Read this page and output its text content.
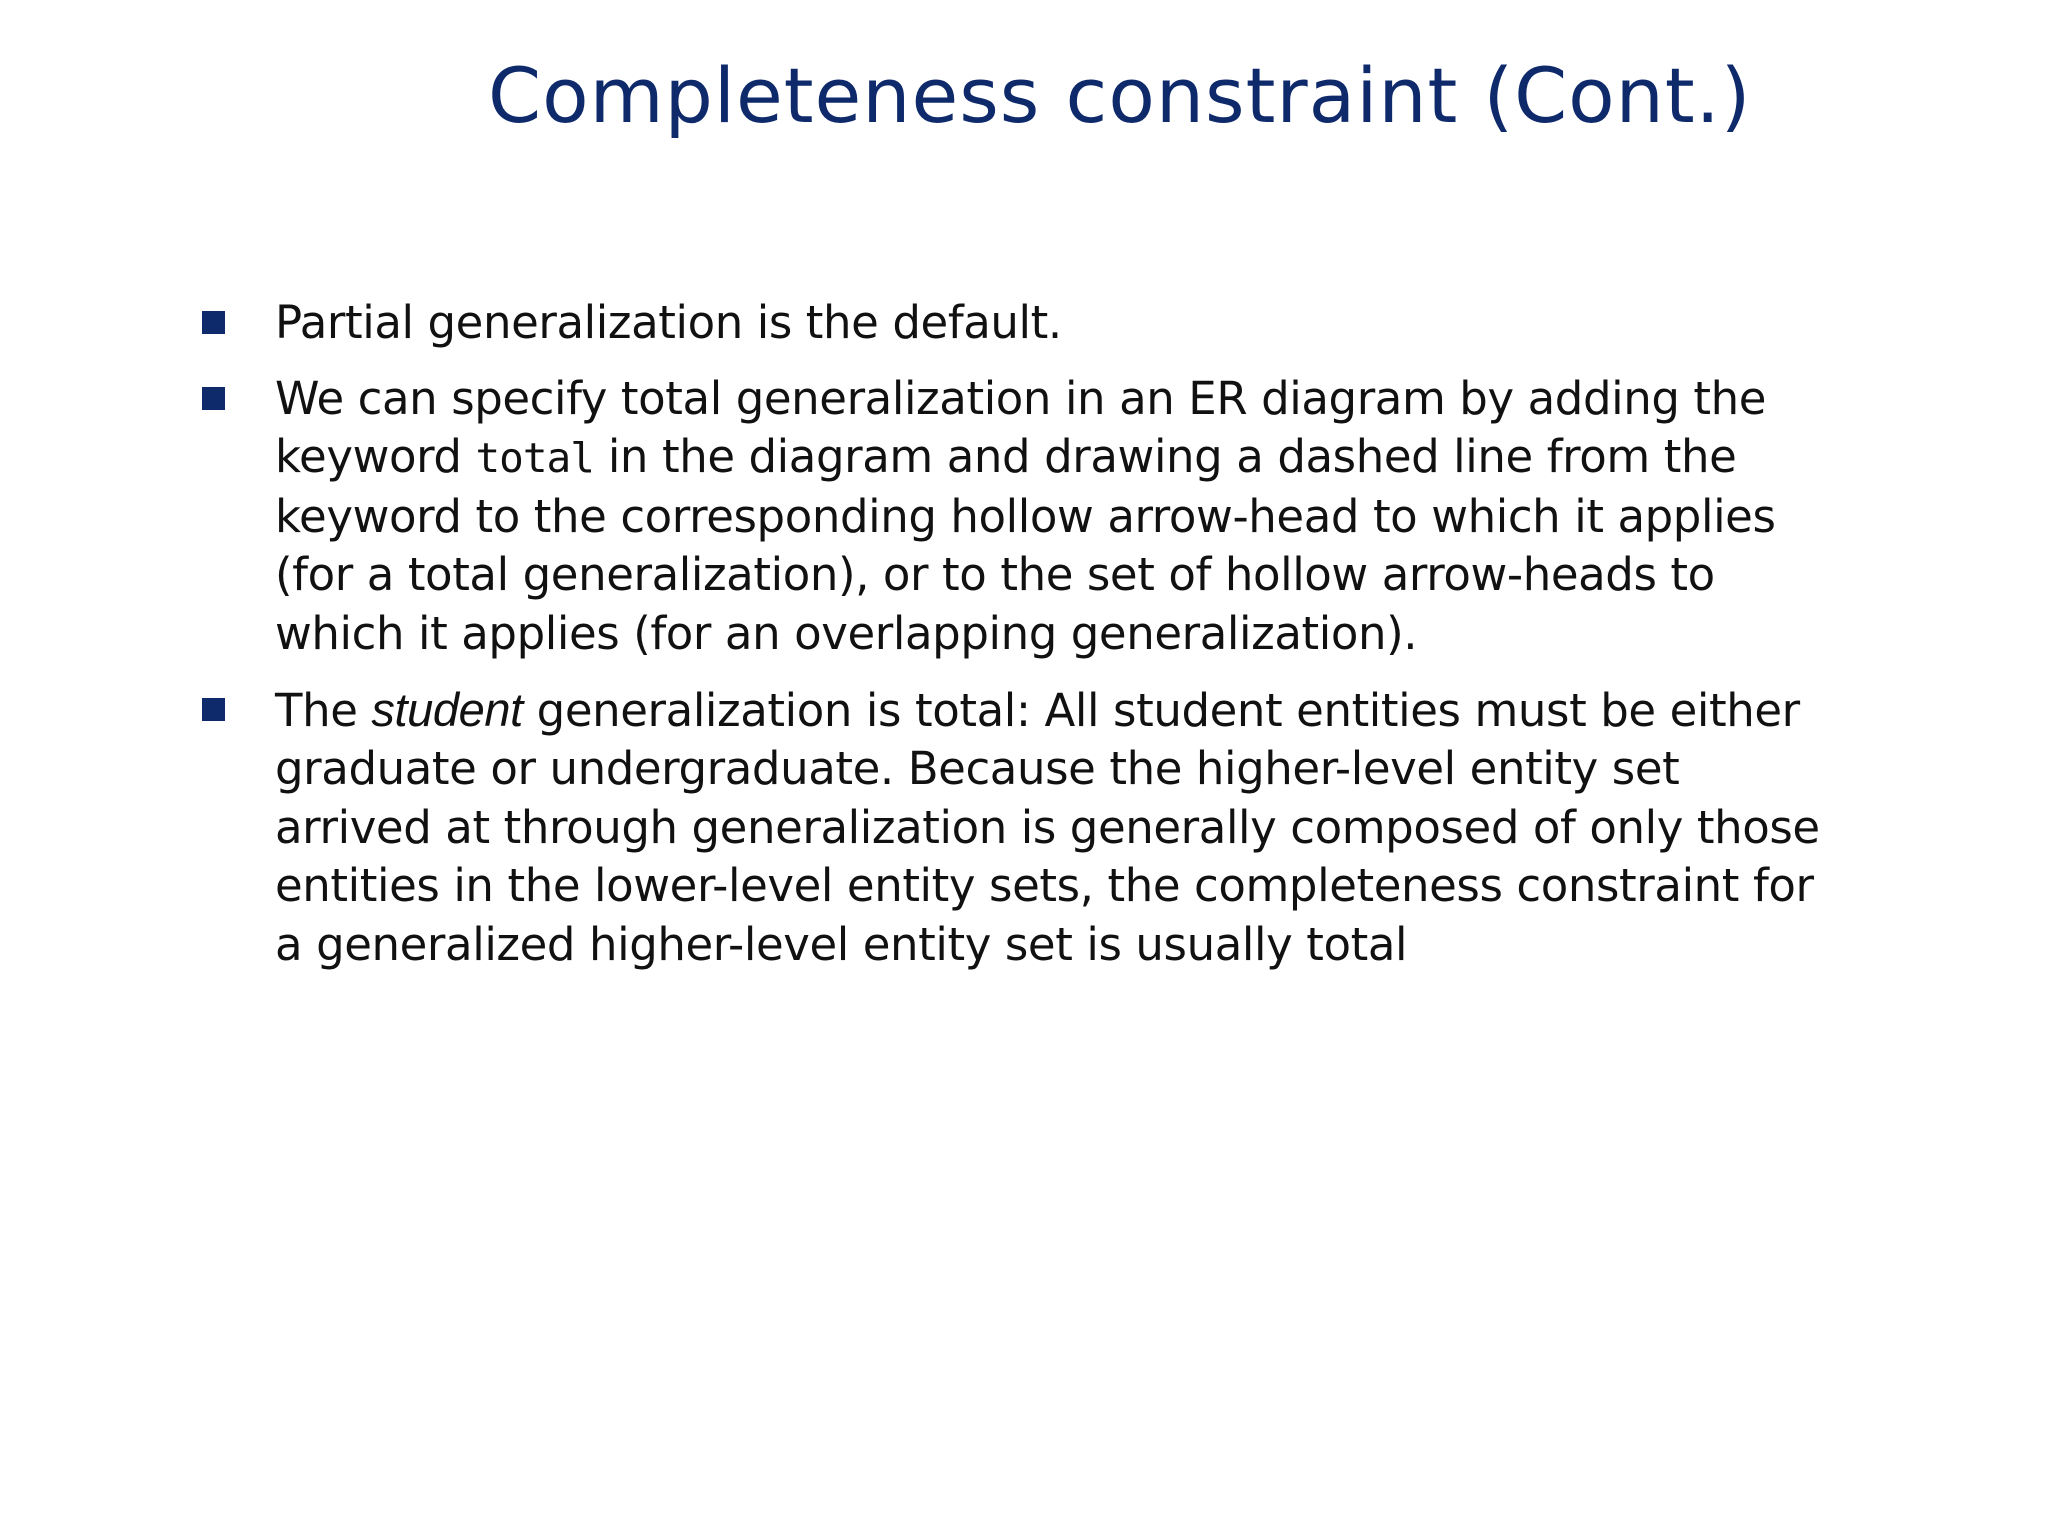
Completeness constraint (Cont.)
Partial generalization is the default.
We can specify total generalization in an ER diagram by adding the keyword total in the diagram and drawing a dashed line from the keyword to the corresponding hollow arrow-head to which it applies (for a total generalization), or to the set of hollow arrow-heads to which it applies (for an overlapping generalization).
The student generalization is total: All student entities must be either graduate or undergraduate. Because the higher-level entity set arrived at through generalization is generally composed of only those entities in the lower-level entity sets, the completeness constraint for a generalized higher-level entity set is usually total
